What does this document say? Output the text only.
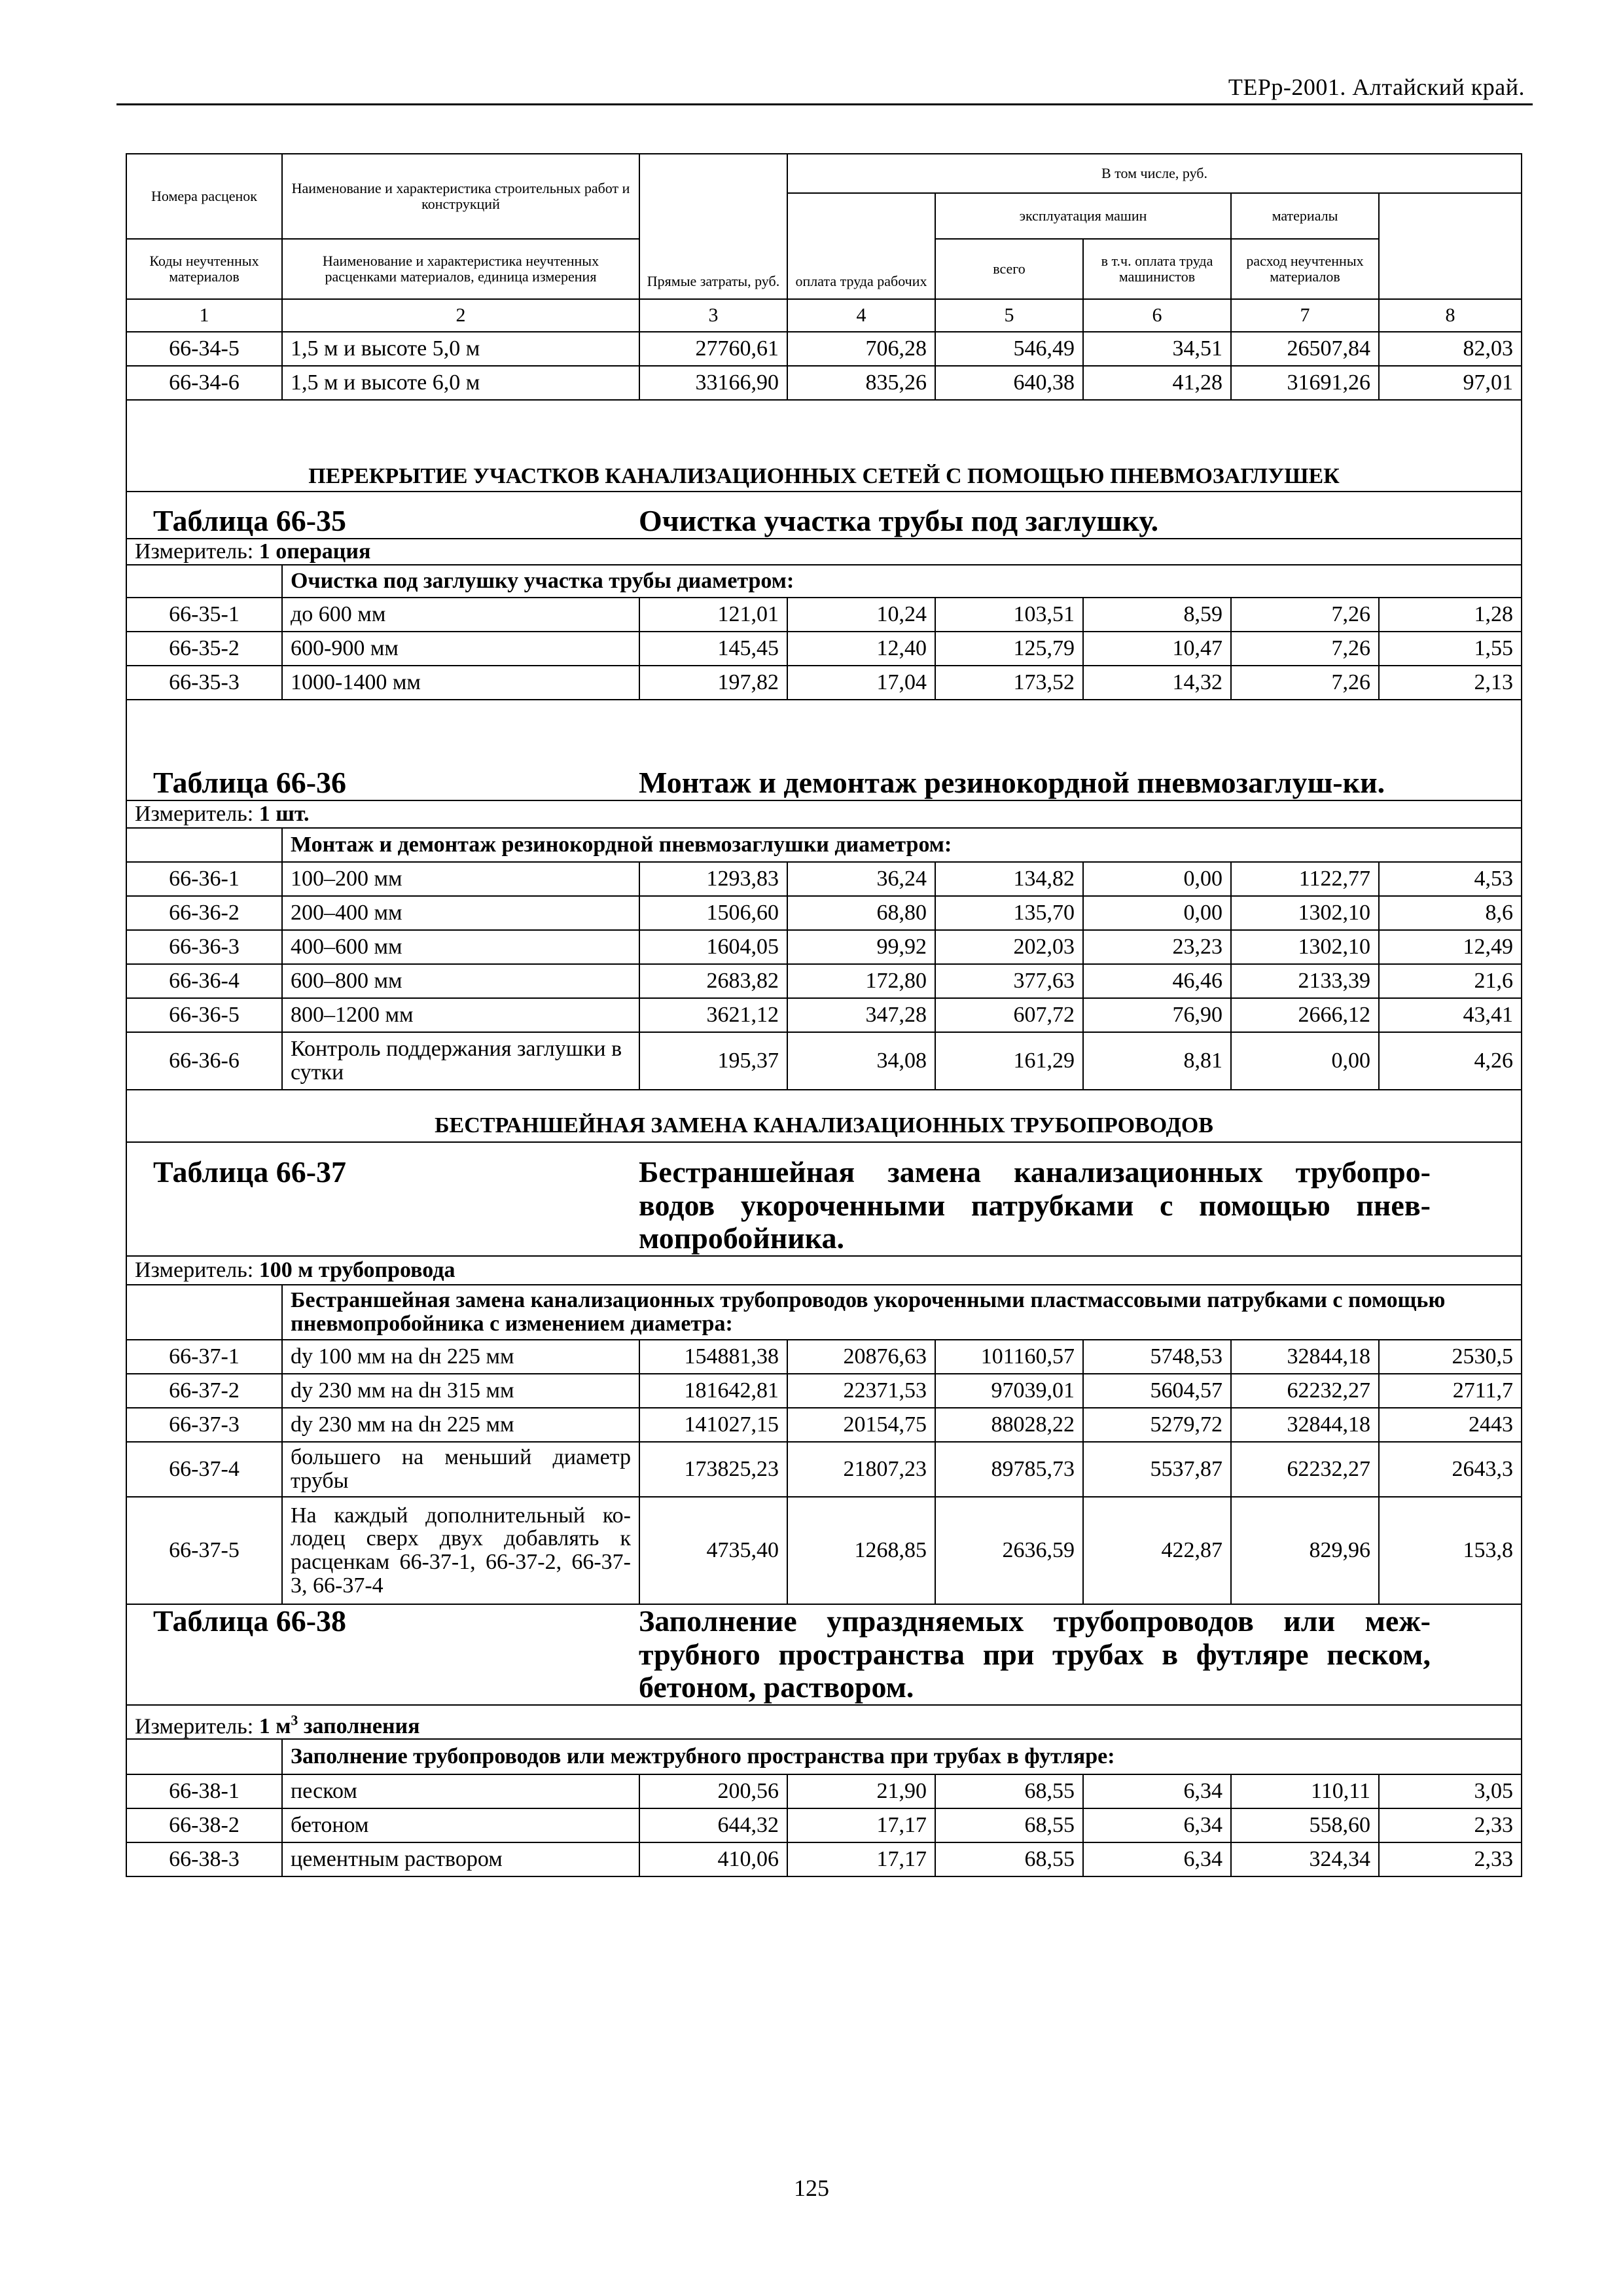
ТЕРр-2001. Алтайский край.
Номера расценок	Наименование и характеристика строительных работ и конструкций	Прямые затраты, руб.	В том числе, руб.	
			оплата труда рабочих	эксплуатация машин		материалы		
Коды неучтенных материалов	Наименование и характеристика неучтенных расценками материалов, единица измерения			всего	в т.ч. оплата труда машинистов	расход неучтенных материалов		
1	2	3	4	5	6	7	8	
66-34-5	1,5 м и высоте 5,0 м	27760,61	706,28	546,49	34,51	26507,84	82,03	
66-34-6	1,5 м и высоте 6,0 м	33166,90	835,26	640,38	41,28	31691,26	97,01	
ПЕРЕКРЫТИЕ УЧАСТКОВ КАНАЛИЗАЦИОННЫХ СЕТЕЙ С ПОМОЩЬЮ ПНЕВМОЗАГЛУШЕК								

Таблица 66-35 Очистка участка трубы под заглушку.								

Измеритель: 1 операция								
	Очистка под заглушку участка трубы диаметром:							
66-35-1	до 600 мм	121,01	10,24	103,51	8,59	7,26	1,28	
66-35-2	600-900 мм	145,45	12,40	125,79	10,47	7,26	1,55	
66-35-3	1000-1400 мм	197,82	17,04	173,52	14,32	7,26	2,13	

Таблица 66-36 Монтаж и демонтаж резинокордной пневмозаглуш-ки.								

Измеритель: 1 шт.								
	Монтаж и демонтаж резинокордной пневмозаглушки диаметром:							
66-36-1	100–200 мм	1293,83	36,24	134,82	0,00	1122,77	4,53	
66-36-2	200–400 мм	1506,60	68,80	135,70	0,00	1302,10	8,6	
66-36-3	400–600 мм	1604,05	99,92	202,03	23,23	1302,10	12,49	
66-36-4	600–800 мм	2683,82	172,80	377,63	46,46	2133,39	21,6	
66-36-5	800–1200 мм	3621,12	347,28	607,72	76,90	2666,12	43,41	
66-36-6	Контроль поддержания заглушки в сутки	195,37	34,08	161,29	8,81	0,00	4,26	
БЕСТРАНШЕЙНАЯ ЗАМЕНА КАНАЛИЗАЦИОННЫХ ТРУБОПРОВОДОВ								

Таблица 66-37 Бестраншейная замена канализационных трубопро-водов укороченными патрубками с помощью пнев-мопробойника.								

Измеритель: 100 м трубопровода								
	Бестраншейная замена канализационных трубопроводов укороченными пластмассовыми патрубками с помощью пневмопробойника с изменением диаметра:							
66-37-1	dy 100 мм на dн 225 мм	154881,38	20876,63	101160,57	5748,53	32844,18	2530,5	
66-37-2	dy 230 мм на dн 315 мм	181642,81	22371,53	97039,01	5604,57	62232,27	2711,7	
66-37-3	dy 230 мм на dн 225 мм	141027,15	20154,75	88028,22	5279,72	32844,18	2443	
66-37-4	большего на меньший диаметр трубы	173825,23	21807,23	89785,73	5537,87	62232,27	2643,3	
66-37-5	На каждый дополнительный ко-лодец сверх двух добавлять к расценкам 66-37-1, 66-37-2, 66-37-3, 66-37-4	4735,40	1268,85	2636,59	422,87	829,96	153,8	

Таблица 66-38 Заполнение упраздняемых трубопроводов или меж-трубного пространства при трубах в футляре песком, бетоном, раствором.								

Измеритель: 1 $м^3$ заполнения								
	Заполнение трубопроводов или межтрубного пространства при трубах в футляре:							
66-38-1	песком	200,56	21,90	68,55	6,34	110,11	3,05	
66-38-2	бетоном	644,32	17,17	68,55	6,34	558,60	2,33	
66-38-3	цементным раствором	410,06	17,17	68,55	6,34	324,34	2,33	
125
